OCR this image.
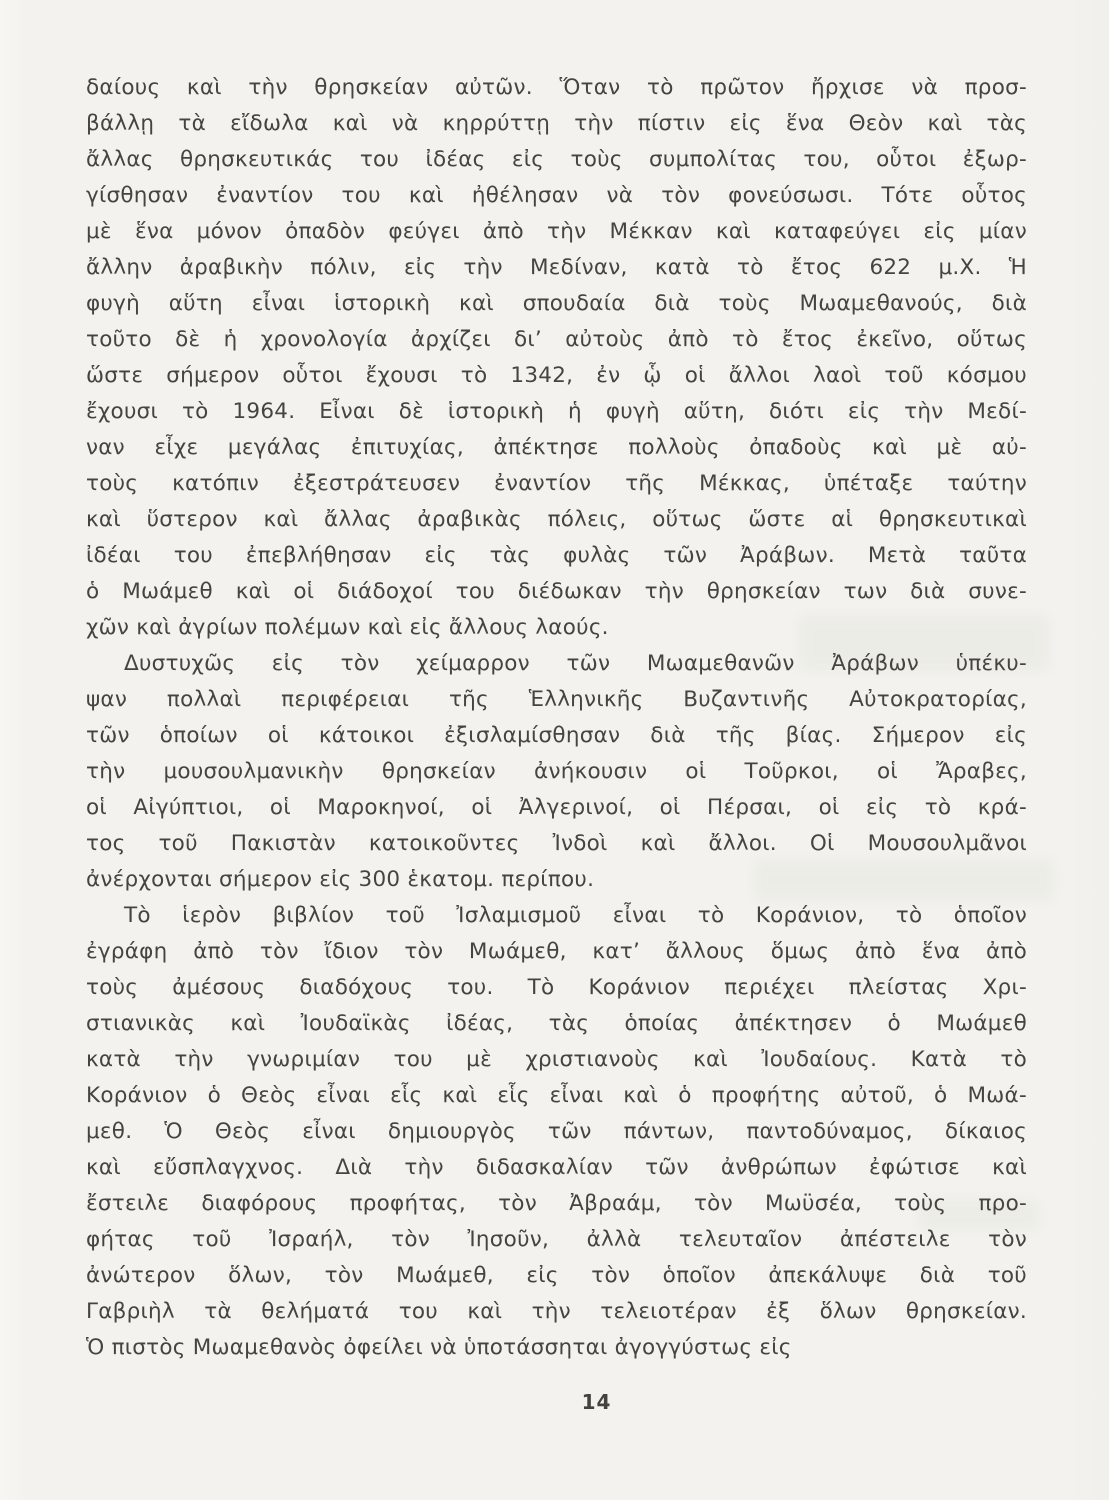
δαίους καὶ τὴν θρησκείαν αὐτῶν. Ὅταν τὸ πρῶτον ἤρχισε νὰ προσ-
βάλλῃ τὰ εἴδωλα καὶ νὰ κηρρύττῃ τὴν πίστιν εἰς ἕνα Θεὸν καὶ τὰς
ἄλλας θρησκευτικάς του ἰδέας εἰς τοὺς συμπολίτας του, οὗτοι ἐξωρ-
γίσθησαν ἐναντίον του καὶ ἠθέλησαν νὰ τὸν φονεύσωσι. Τότε οὗτος
μὲ ἕνα μόνον ὀπαδὸν φεύγει ἀπὸ τὴν Μέκκαν καὶ καταφεύγει εἰς μίαν
ἄλλην ἀραβικὴν πόλιν, εἰς τὴν Μεδίναν, κατὰ τὸ ἔτος 622 μ.Χ. Ἡ
φυγὴ αὕτη εἶναι ἱστορικὴ καὶ σπουδαία διὰ τοὺς Μωαμεθανούς, διὰ
τοῦτο δὲ ἡ χρονολογία ἀρχίζει δι’ αὐτοὺς ἀπὸ τὸ ἔτος ἐκεῖνο, οὕτως
ὥστε σήμερον οὗτοι ἔχουσι τὸ 1342, ἐν ᾧ οἱ ἄλλοι λαοὶ τοῦ κόσμου
ἔχουσι τὸ 1964. Εἶναι δὲ ἱστορικὴ ἡ φυγὴ αὕτη, διότι εἰς τὴν Μεδί-
ναν εἶχε μεγάλας ἐπιτυχίας, ἀπέκτησε πολλοὺς ὀπαδοὺς καὶ μὲ αὐ-
τοὺς κατόπιν ἐξεστράτευσεν ἐναντίον τῆς Μέκκας, ὑπέταξε ταύτην
καὶ ὕστερον καὶ ἄλλας ἀραβικὰς πόλεις, οὕτως ὥστε αἱ θρησκευτικαὶ
ἰδέαι του ἐπεβλήθησαν εἰς τὰς φυλὰς τῶν Ἀράβων. Μετὰ ταῦτα
ὁ Μωάμεθ καὶ οἱ διάδοχοί του διέδωκαν τὴν θρησκείαν των διὰ συνε-
χῶν καὶ ἀγρίων πολέμων καὶ εἰς ἄλλους λαούς.
Δυστυχῶς εἰς τὸν χείμαρρον τῶν Μωαμεθανῶν Ἀράβων ὑπέκυ-
ψαν πολλαὶ περιφέρειαι τῆς Ἑλληνικῆς Βυζαντινῆς Αὐτοκρατορίας,
τῶν ὁποίων οἱ κάτοικοι ἐξισλαμίσθησαν διὰ τῆς βίας. Σήμερον εἰς
τὴν μουσουλμανικὴν θρησκείαν ἀνήκουσιν οἱ Τοῦρκοι, οἱ Ἄραβες,
οἱ Αἰγύπτιοι, οἱ Μαροκηνοί, οἱ Ἀλγερινοί, οἱ Πέρσαι, οἱ εἰς τὸ κρά-
τος τοῦ Πακιστὰν κατοικοῦντες Ἰνδοὶ καὶ ἄλλοι. Οἱ Μουσουλμᾶνοι
ἀνέρχονται σήμερον εἰς 300 ἑκατομ. περίπου.
Τὸ ἱερὸν βιβλίον τοῦ Ἰσλαμισμοῦ εἶναι τὸ Κοράνιον, τὸ ὁποῖον
ἐγράφη ἀπὸ τὸν ἴδιον τὸν Μωάμεθ, κατ’ ἄλλους ὅμως ἀπὸ ἕνα ἀπὸ
τοὺς ἀμέσους διαδόχους του. Τὸ Κοράνιον περιέχει πλείστας Χρι-
στιανικὰς καὶ Ἰουδαϊκὰς ἰδέας, τὰς ὁποίας ἀπέκτησεν ὁ Μωάμεθ
κατὰ τὴν γνωριμίαν του μὲ χριστιανοὺς καὶ Ἰουδαίους. Κατὰ τὸ
Κοράνιον ὁ Θεὸς εἶναι εἷς καὶ εἷς εἶναι καὶ ὁ προφήτης αὐτοῦ, ὁ Μωά-
μεθ. Ὁ Θεὸς εἶναι δημιουργὸς τῶν πάντων, παντοδύναμος, δίκαιος
καὶ εὔσπλαγχνος. Διὰ τὴν διδασκαλίαν τῶν ἀνθρώπων ἐφώτισε καὶ
ἔστειλε διαφόρους προφήτας, τὸν Ἀβραάμ, τὸν Μωϋσέα, τοὺς προ-
φήτας τοῦ Ἰσραήλ, τὸν Ἰησοῦν, ἀλλὰ τελευταῖον ἀπέστειλε τὸν
ἀνώτερον ὅλων, τὸν Μωάμεθ, εἰς τὸν ὁποῖον ἀπεκάλυψε διὰ τοῦ
Γαβριὴλ τὰ θελήματά του καὶ τὴν τελειοτέραν ἐξ ὅλων θρησκείαν.
Ὁ πιστὸς Μωαμεθανὸς ὀφείλει νὰ ὑποτάσσηται ἀγογγύστως εἰς
14
